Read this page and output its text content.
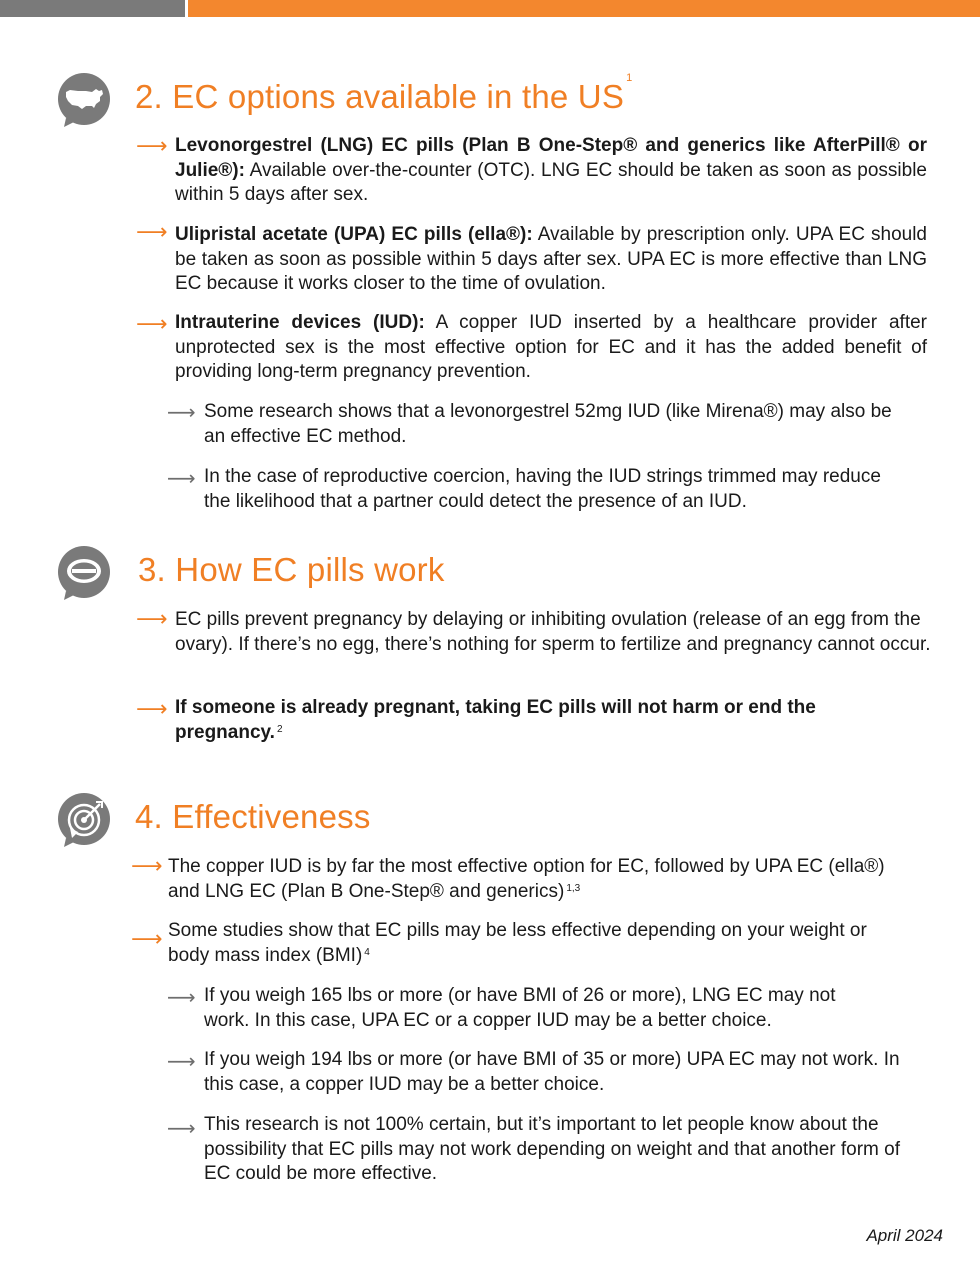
2. EC options available in the US $^1$
⟶ Levonorgestrel (LNG) EC pills (Plan B One-Step® and generics like AfterPill® or Julie®): Available over-the-counter (OTC). LNG EC should be taken as soon as possible within 5 days after sex.
⟶ Ulipristal acetate (UPA) EC pills (ella®): Available by prescription only. UPA EC should be taken as soon as possible within 5 days after sex. UPA EC is more effective than LNG EC because it works closer to the time of ovulation.
⟶ Intrauterine devices (IUD): A copper IUD inserted by a healthcare provider after unprotected sex is the most effective option for EC and it has the added benefit of providing long-term pregnancy prevention.
⟶ Some research shows that a levonorgestrel 52mg IUD (like Mirena®) may also be an effective EC method.
⟶ In the case of reproductive coercion, having the IUD strings trimmed may reduce the likelihood that a partner could detect the presence of an IUD.
3. How EC pills work
⟶ EC pills prevent pregnancy by delaying or inhibiting ovulation (release of an egg from the ovary). If there’s no egg, there’s nothing for sperm to fertilize and pregnancy cannot occur.
⟶ If someone is already pregnant, taking EC pills will not harm or end the pregnancy. $^2$
4. Effectiveness
⟶ The copper IUD is by far the most effective option for EC, followed by UPA EC (ella®) and LNG EC (Plan B One-Step® and generics) $^{1,3}$
⟶ Some studies show that EC pills may be less effective depending on your weight or body mass index (BMI) $^4$
⟶ If you weigh 165 lbs or more (or have BMI of 26 or more), LNG EC may not work. In this case, UPA EC or a copper IUD may be a better choice.
⟶ If you weigh 194 lbs or more (or have BMI of 35 or more) UPA EC may not work. In this case, a copper IUD may be a better choice.
⟶ This research is not 100% certain, but it’s important to let people know about the possibility that EC pills may not work depending on weight and that another form of EC could be more effective.
April 2024
